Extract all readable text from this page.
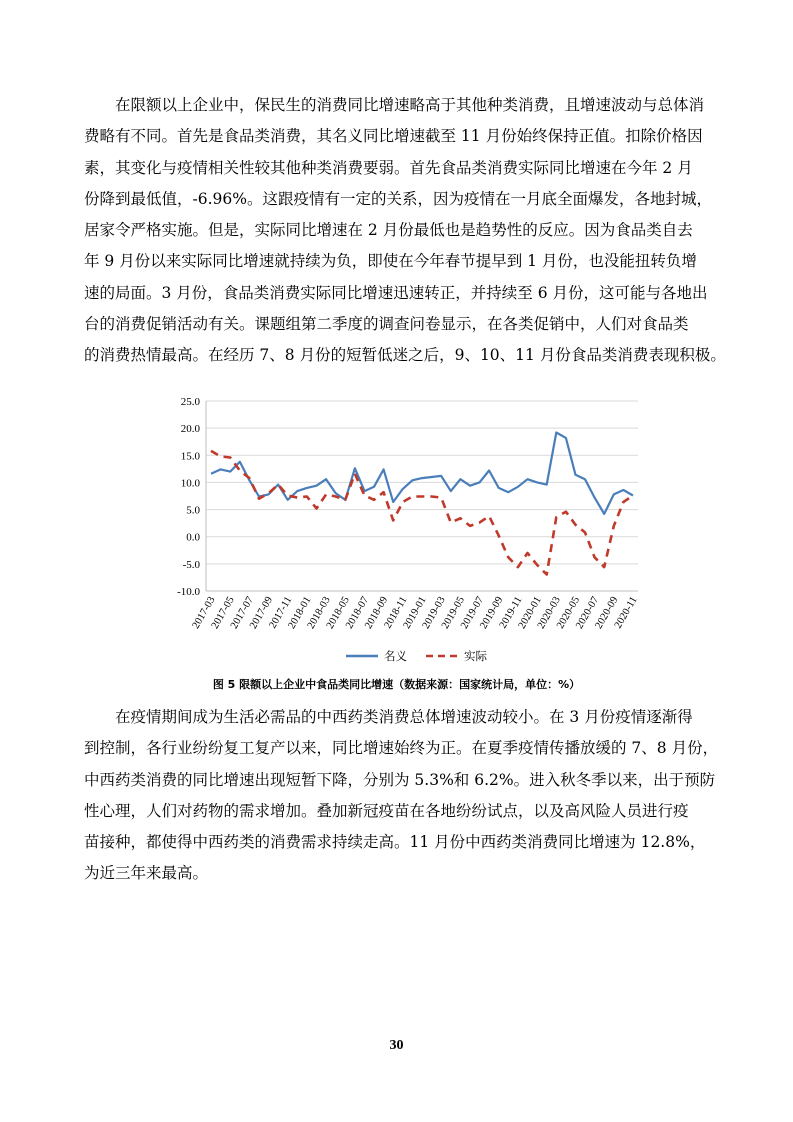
　　在限额以上企业中，保民生的消费同比增速略高于其他种类消费，且增速波动与总体消
费略有不同。首先是食品类消费，其名义同比增速截至 11 月份始终保持正值。扣除价格因
素，其变化与疫情相关性较其他种类消费要弱。首先食品类消费实际同比增速在今年 2 月
份降到最低值，-6.96%。这跟疫情有一定的关系，因为疫情在一月底全面爆发，各地封城，
居家令严格实施。但是，实际同比增速在 2 月份最低也是趋势性的反应。因为食品类自去
年 9 月份以来实际同比增速就持续为负，即使在今年春节提早到 1 月份，也没能扭转负增
速的局面。3 月份，食品类消费实际同比增速迅速转正，并持续至 6 月份，这可能与各地出
台的消费促销活动有关。课题组第二季度的调查问卷显示，在各类促销中，人们对食品类
的消费热情最高。在经历 7、8 月份的短暂低迷之后，9、10、11 月份食品类消费表现积极。
-10.0
-5.0
0.0
5.0
10.0
15.0
20.0
25.0
2017-03
2017-05
2017-07
2017-09
2017-11
2018-01
2018-03
2018-05
2018-07
2018-09
2018-11
2019-01
2019-03
2019-05
2019-07
2019-09
2019-11
2020-01
2020-03
2020-05
2020-07
2020-09
2020-11
名义	实际
图 5 限额以上企业中食品类同比增速（数据来源：国家统计局，单位：%）
　　在疫情期间成为生活必需品的中西药类消费总体增速波动较小。在 3 月份疫情逐渐得
到控制，各行业纷纷复工复产以来，同比增速始终为正。在夏季疫情传播放缓的 7、8 月份，
中西药类消费的同比增速出现短暂下降，分别为 5.3%和 6.2%。进入秋冬季以来，出于预防
性心理，人们对药物的需求增加。叠加新冠疫苗在各地纷纷试点，以及高风险人员进行疫
苗接种，都使得中西药类的消费需求持续走高。11 月份中西药类消费同比增速为 12.8%，
为近三年来最高。
30
